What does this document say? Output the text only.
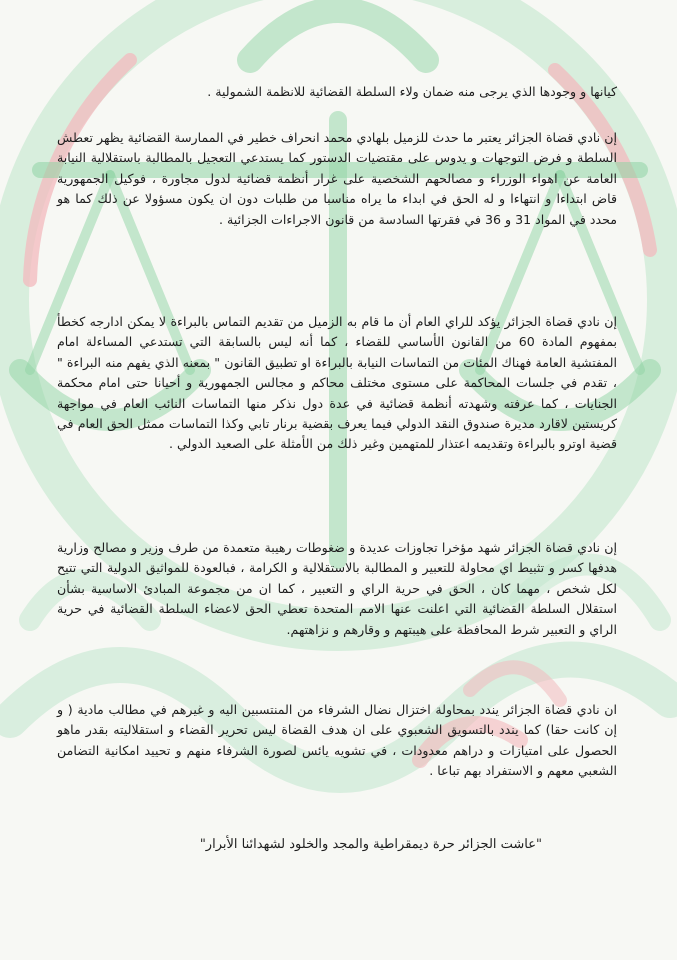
كيانها و وجودها الذي يرجى منه ضمان ولاء السلطة القضائية للانظمة الشمولية .

إن نادي قضاة الجزائر يعتبر ما حدث للزميل بلهادي محمد انحراف خطير في الممارسة القضائية يظهر تعطش السلطة و فرض التوجهات و يدوس على مقتضيات الدستور كما يستدعي التعجيل بالمطالبة باستقلالية النيابة العامة عن اهواء الوزراء و مصالحهم الشخصية على غرار أنظمة قضائية لدول مجاورة ، فوكيل الجمهورية قاض ابتداءا و انتهاءا و له الحق في ابداء ما يراه مناسبا من طلبات دون ان يكون مسؤولا عن ذلك كما هو محدد في المواد 31 و 36 في فقرتها السادسة من قانون الاجراءات الجزائية .

إن نادي قضاة الجزائر يؤكد للراي العام أن ما قام به الزميل من تقديم التماس بالبراءة لا يمكن ادارجه كخطأ بمفهوم المادة 60 من القانون الأساسي للقضاء ، كما أنه ليس بالسابقة التي تستدعي المساءلة امام المفتشية العامة فهناك المئات من التماسات النيابة بالبراءة او تطبيق القانون " بمعنه الذي يفهم منه البراءة " ، تقدم في جلسات المحاكمة على مستوى مختلف محاكم و مجالس الجمهورية و أحيانا حتى امام محكمة الجنايات ، كما عرفته وشهدته أنظمة قضائية في عدة دول نذكر منها التماسات النائب العام في مواجهة كريستين لاقارد مديرة صندوق النقد الدولي فيما يعرف بقضية برنار تابي وكذا التماسات ممثل الحق العام في قضية اوترو بالبراءة وتقديمه اعتذار للمتهمين وغير ذلك من الأمثلة على الصعيد الدولي .

إن نادي قضاة الجزائر شهد مؤخرا تجاوزات عديدة و ضغوطات رهيبة متعمدة من طرف وزير و مصالح وزارية هدفها كسر و تثبيط اي محاولة للتعبير و المطالبة بالاستقلالية و الكرامة ، فبالعودة للمواثيق الدولية التي تتيح لكل شخص ، مهما كان ، الحق في حرية الراي و التعبير ، كما ان من مجموعة المبادئ الاساسية بشأن استقلال السلطة القضائية التي اعلنت عنها الامم المتحدة تعطي الحق لاعضاء السلطة القضائية في حرية الراي و التعبير شرط المحافظة على هيبتهم و وقارهم و نزاهتهم.

ان نادي قضاة الجزائر يندد بمحاولة اختزال نضال الشرفاء من المنتسبين اليه و غيرهم في مطالب مادية ( و إن كانت حقا) كما يندد بالتسويق الشعبوي على ان هدف القضاة ليس تحرير القضاء و استقلاليته بقدر ماهو الحصول على امتيازات و دراهم معدودات ، في تشويه يائس لصورة الشرفاء منهم و تحييد امكانية التضامن الشعبي معهم و الاستفراد بهم تباعا .

"عاشت الجزائر حرة ديمقراطية والمجد والخلود لشهدائنا الأبرار"
